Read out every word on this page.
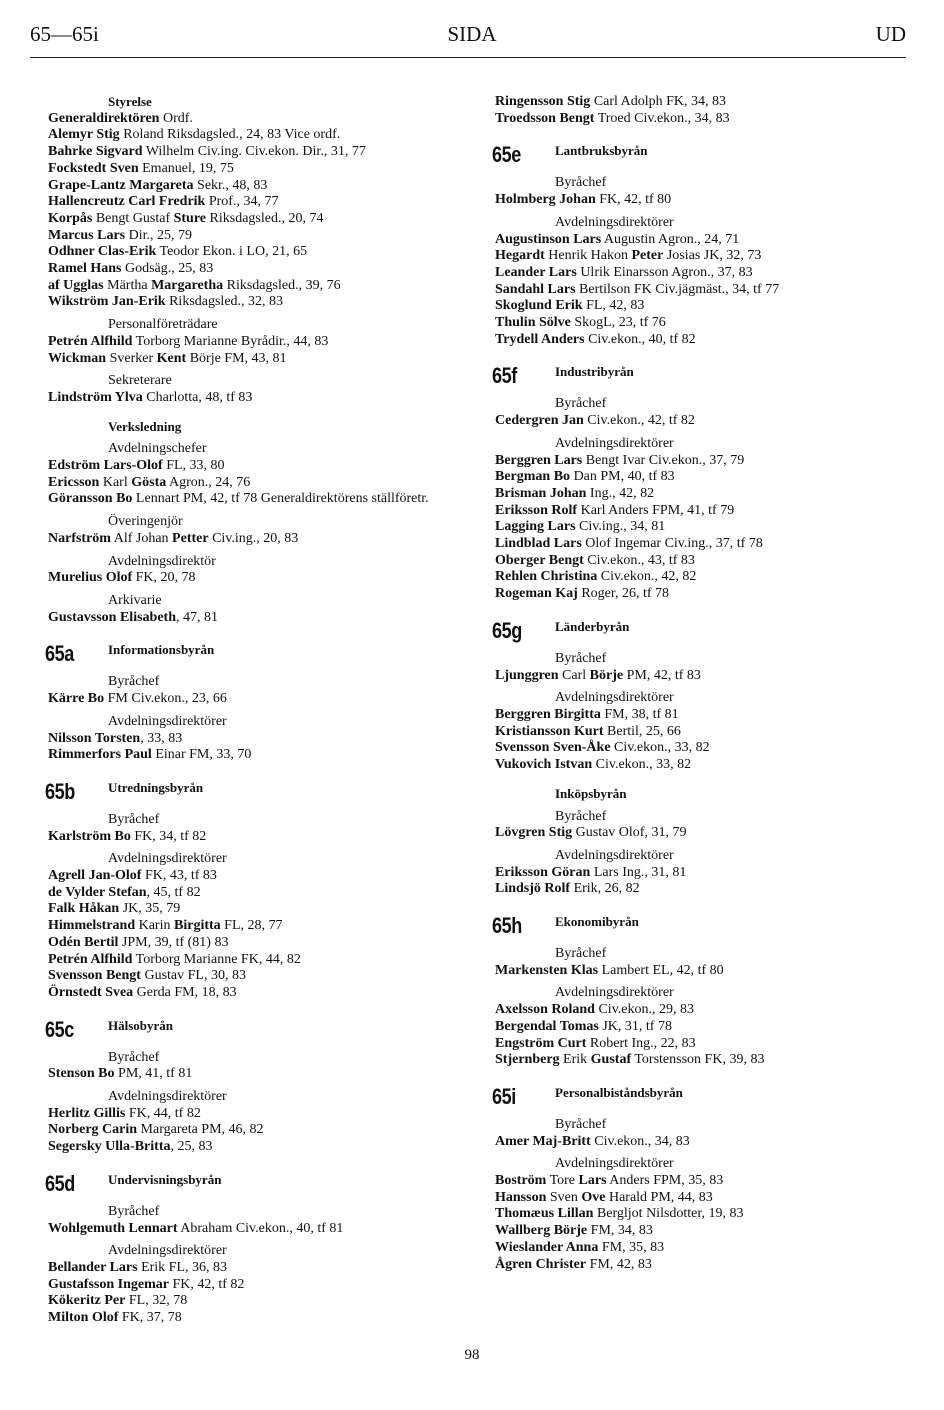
65—65i	SIDA	UD
Styrelse
Generaldirektören Ordf.
Alemyr Stig Roland Riksdagsled., 24, 83 Vice ordf.
Bahrke Sigvard Wilhelm Civ.ing. Civ.ekon. Dir., 31, 77
Fockstedt Sven Emanuel, 19, 75
Grape-Lantz Margareta Sekr., 48, 83
Hallencreutz Carl Fredrik Prof., 34, 77
Korpås Bengt Gustaf Sture Riksdagsled., 20, 74
Marcus Lars Dir., 25, 79
Odhner Clas-Erik Teodor Ekon. i LO, 21, 65
Ramel Hans Godsäg., 25, 83
af Ugglas Märtha Margaretha Riksdagsled., 39, 76
Wikström Jan-Erik Riksdagsled., 32, 83
Personalföreträdare
Petrén Alfhild Torborg Marianne Byrådir., 44, 83
Wickman Sverker Kent Börje FM, 43, 81
Sekreterare
Lindström Ylva Charlotta, 48, tf 83
Verksledning
Avdelningschefer
Edström Lars-Olof FL, 33, 80
Ericsson Karl Gösta Agron., 24, 76
Göransson Bo Lennart PM, 42, tf 78 Generaldirektörens ställföretr.
Överingenjör
Narfström Alf Johan Petter Civ.ing., 20, 83
Avdelningsdirektör
Murelius Olof FK, 20, 78
Arkivarie
Gustavsson Elisabeth, 47, 81
65a	Informationsbyrån
Byråchef
Kärre Bo FM Civ.ekon., 23, 66
Avdelningsdirektörer
Nilsson Torsten, 33, 83
Rimmerfors Paul Einar FM, 33, 70
65b	Utredningsbyrån
Byråchef
Karlström Bo FK, 34, tf 82
Avdelningsdirektörer
Agrell Jan-Olof FK, 43, tf 83
de Vylder Stefan, 45, tf 82
Falk Håkan JK, 35, 79
Himmelstrand Karin Birgitta FL, 28, 77
Odén Bertil JPM, 39, tf (81) 83
Petrén Alfhild Torborg Marianne FK, 44, 82
Svensson Bengt Gustav FL, 30, 83
Örnstedt Svea Gerda FM, 18, 83
65c	Hälsobyrån
Byråchef
Stenson Bo PM, 41, tf 81
Avdelningsdirektörer
Herlitz Gillis FK, 44, tf 82
Norberg Carin Margareta PM, 46, 82
Segersky Ulla-Britta, 25, 83
65d	Undervisningsbyrån
Byråchef
Wohlgemuth Lennart Abraham Civ.ekon., 40, tf 81
Avdelningsdirektörer
Bellander Lars Erik FL, 36, 83
Gustafsson Ingemar FK, 42, tf 82
Kökeritz Per FL, 32, 78
Milton Olof FK, 37, 78
Ringensson Stig Carl Adolph FK, 34, 83
Troedsson Bengt Troed Civ.ekon., 34, 83
65e	Lantbruksbyrån
Byråchef
Holmberg Johan FK, 42, tf 80
Avdelningsdirektörer
Augustinson Lars Augustin Agron., 24, 71
Hegardt Henrik Hakon Peter Josias JK, 32, 73
Leander Lars Ulrik Einarsson Agron., 37, 83
Sandahl Lars Bertilson FK Civ.jägmäst., 34, tf 77
Skoglund Erik FL, 42, 83
Thulin Sölve SkogL, 23, tf 76
Trydell Anders Civ.ekon., 40, tf 82
65f	Industribyrån
Byråchef
Cedergren Jan Civ.ekon., 42, tf 82
Avdelningsdirektörer
Berggren Lars Bengt Ivar Civ.ekon., 37, 79
Bergman Bo Dan PM, 40, tf 83
Brisman Johan Ing., 42, 82
Eriksson Rolf Karl Anders FPM, 41, tf 79
Lagging Lars Civ.ing., 34, 81
Lindblad Lars Olof Ingemar Civ.ing., 37, tf 78
Oberger Bengt Civ.ekon., 43, tf 83
Rehlen Christina Civ.ekon., 42, 82
Rogeman Kaj Roger, 26, tf 78
65g	Länderbyrån
Byråchef
Ljunggren Carl Börje PM, 42, tf 83
Avdelningsdirektörer
Berggren Birgitta FM, 38, tf 81
Kristiansson Kurt Bertil, 25, 66
Svensson Sven-Åke Civ.ekon., 33, 82
Vukovich Istvan Civ.ekon., 33, 82
Inköpsbyrån
Byråchef
Lövgren Stig Gustav Olof, 31, 79
Avdelningsdirektörer
Eriksson Göran Lars Ing., 31, 81
Lindsjö Rolf Erik, 26, 82
65h	Ekonomibyrån
Byråchef
Markensten Klas Lambert EL, 42, tf 80
Avdelningsdirektörer
Axelsson Roland Civ.ekon., 29, 83
Bergendal Tomas JK, 31, tf 78
Engström Curt Robert Ing., 22, 83
Stjernberg Erik Gustaf Torstensson FK, 39, 83
65i	Personalbiståndsbyrån
Byråchef
Amer Maj-Britt Civ.ekon., 34, 83
Avdelningsdirektörer
Boström Tore Lars Anders FPM, 35, 83
Hansson Sven Ove Harald PM, 44, 83
Thomæus Lillan Bergljot Nilsdotter, 19, 83
Wallberg Börje FM, 34, 83
Wieslander Anna FM, 35, 83
Ågren Christer FM, 42, 83
98
